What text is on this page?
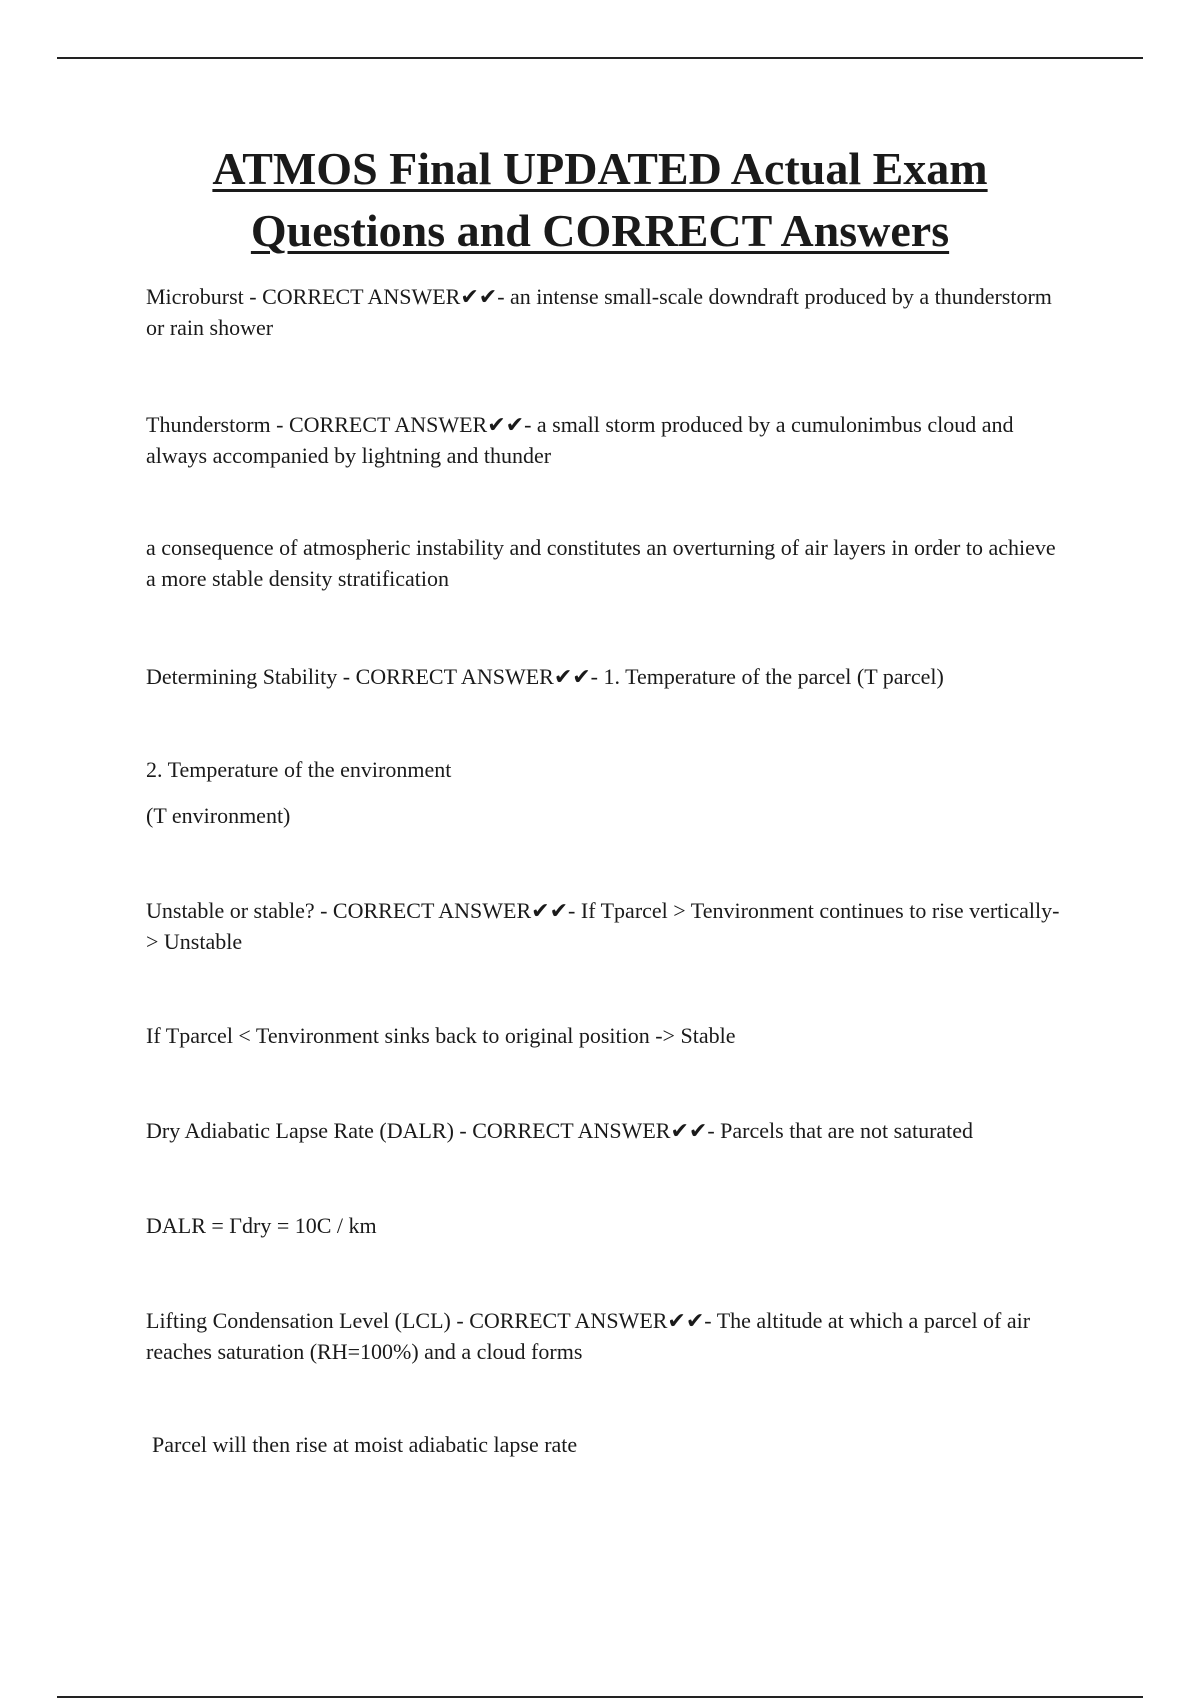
ATMOS Final UPDATED Actual Exam
Questions and CORRECT Answers

Microburst - CORRECT ANSWER✔✔- an intense small-scale downdraft produced by a thunderstorm or rain shower

Thunderstorm - CORRECT ANSWER✔✔- a small storm produced by a cumulonimbus cloud and always accompanied by lightning and thunder

a consequence of atmospheric instability and constitutes an overturning of air layers in order to achieve a more stable density stratification

Determining Stability - CORRECT ANSWER✔✔- 1. Temperature of the parcel (T parcel)

2. Temperature of the environment

(T environment)

Unstable or stable? - CORRECT ANSWER✔✔- If Tparcel > Tenvironment continues to rise vertically-> Unstable

If Tparcel < Tenvironment sinks back to original position -> Stable

Dry Adiabatic Lapse Rate (DALR) - CORRECT ANSWER✔✔- Parcels that are not saturated

DALR = Γdry = 10C / km

Lifting Condensation Level (LCL) - CORRECT ANSWER✔✔- The altitude at which a parcel of air reaches saturation (RH=100%) and a cloud forms

Parcel will then rise at moist adiabatic lapse rate
